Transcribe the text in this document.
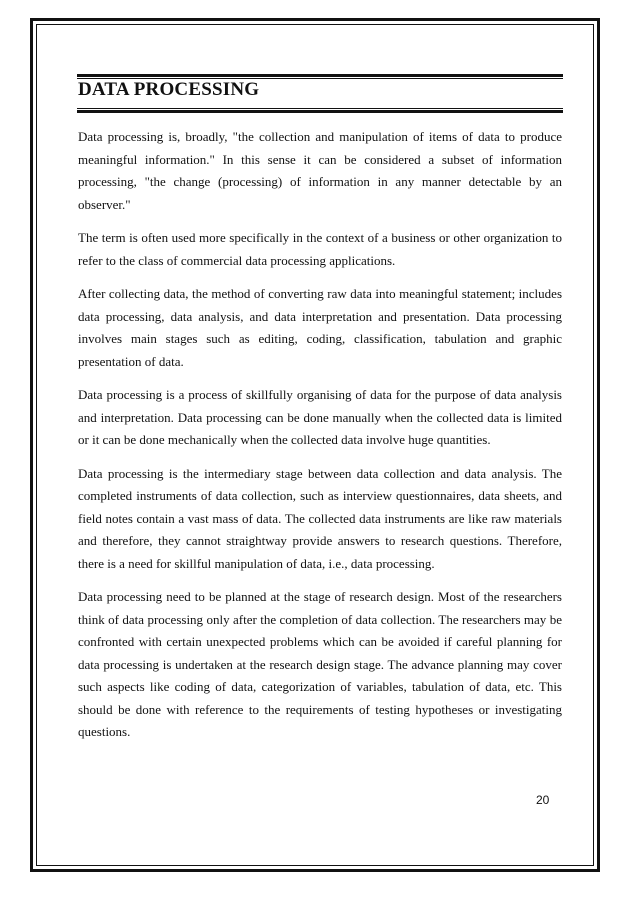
DATA PROCESSING

Data processing is, broadly, "the collection and manipulation of items of data to produce meaningful information." In this sense it can be considered a subset of information processing, "the change (processing) of information in any manner detectable by an observer."

The term is often used more specifically in the context of a business or other organization to refer to the class of commercial data processing applications.

After collecting data, the method of converting raw data into meaningful statement; includes data processing, data analysis, and data interpretation and presentation. Data processing involves main stages such as editing, coding, classification, tabulation and graphic presentation of data.

Data processing is a process of skillfully organising of data for the purpose of data analysis and interpretation. Data processing can be done manually when the collected data is limited or it can be done mechanically when the collected data involve huge quantities.

Data processing is the intermediary stage between data collection and data analysis. The completed instruments of data collection, such as interview questionnaires, data sheets, and field notes contain a vast mass of data. The collected data instruments are like raw materials and therefore, they cannot straightway provide answers to research questions. Therefore, there is a need for skillful manipulation of data, i.e., data processing.

Data processing need to be planned at the stage of research design. Most of the researchers think of data processing only after the completion of data collection. The researchers may be confronted with certain unexpected problems which can be avoided if careful planning for data processing is undertaken at the research design stage. The advance planning may cover such aspects like coding of data, categorization of variables, tabulation of data, etc. This should be done with reference to the requirements of testing hypotheses or investigating questions.

20
